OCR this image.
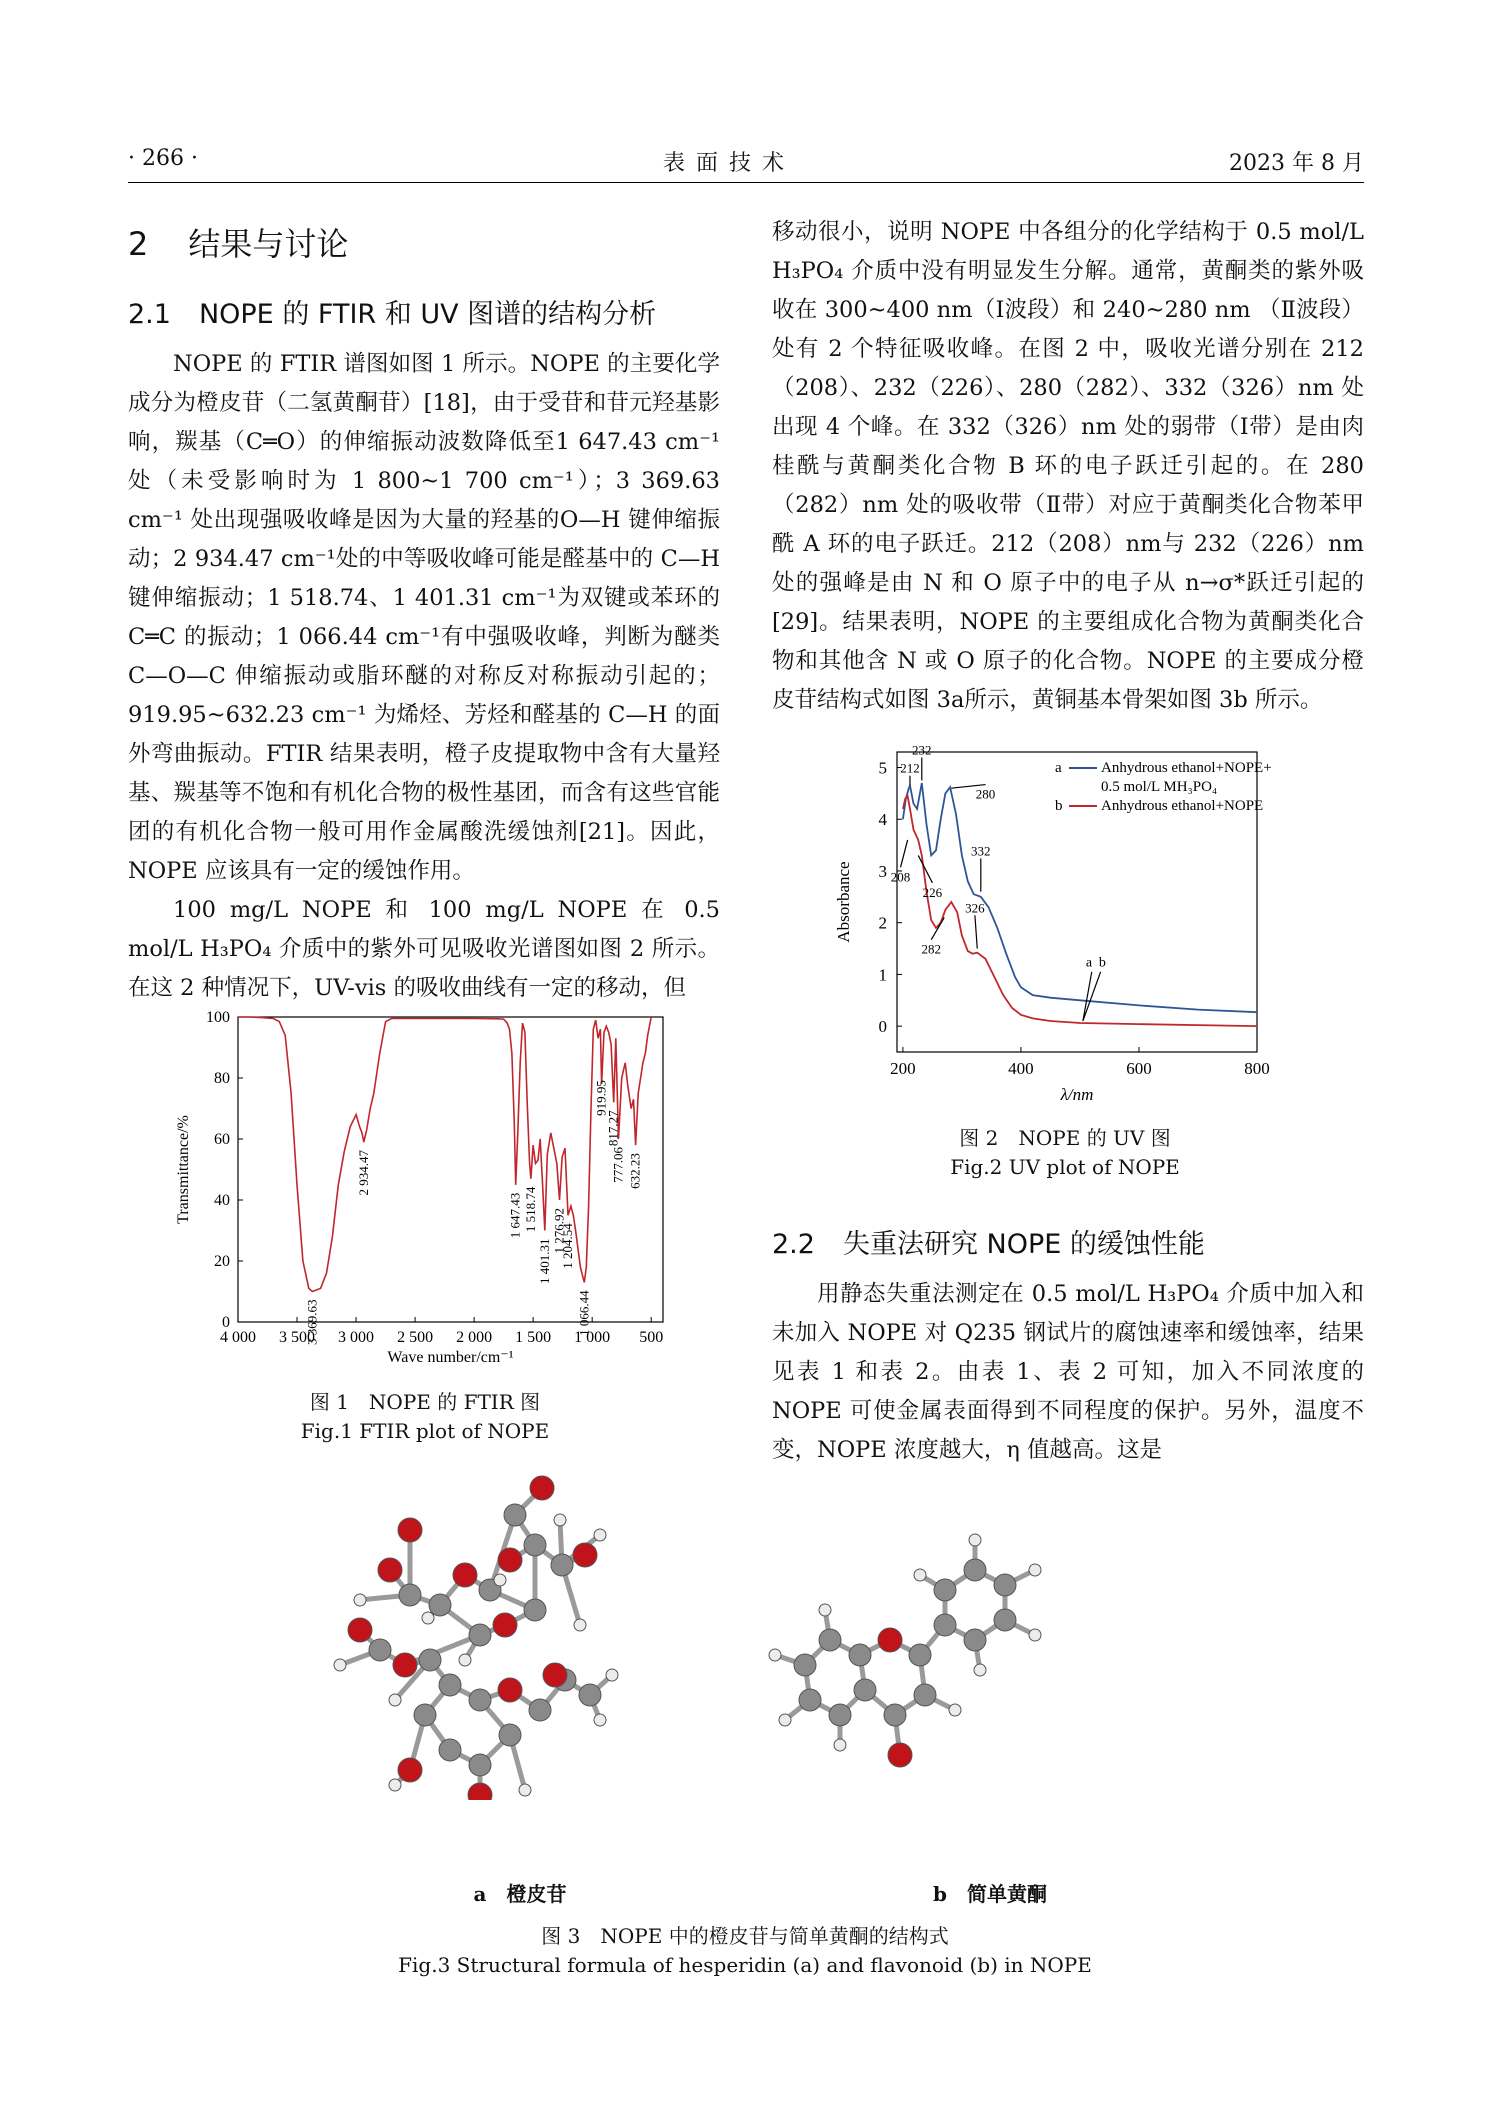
· 266 ·	表 面 技 术	2023 年 8 月
2 结果与讨论
2.1 NOPE 的 FTIR 和 UV 图谱的结构分析

NOPE 的 FTIR 谱图如图 1 所示。NOPE 的主要化学成分为橙皮苷（二氢黄酮苷）[18]，由于受苷和苷元羟基影响，羰基（C═O）的伸缩振动波数降低至1 647.43 cm⁻¹ 处（未受影响时为 1 800~1 700 cm⁻¹）；3 369.63 cm⁻¹ 处出现强吸收峰是因为大量的羟基的O—H 键伸缩振动；2 934.47 cm⁻¹处的中等吸收峰可能是醛基中的 C—H 键伸缩振动；1 518.74、1 401.31 cm⁻¹为双键或苯环的 C═C 的振动；1 066.44 cm⁻¹有中强吸收峰，判断为醚类 C—O—C 伸缩振动或脂环醚的对称反对称振动引起的；919.95~632.23 cm⁻¹ 为烯烃、芳烃和醛基的 C—H 的面外弯曲振动。FTIR 结果表明，橙子皮提取物中含有大量羟基、羰基等不饱和有机化合物的极性基团，而含有这些官能团的有机化合物一般可用作金属酸洗缓蚀剂[21]。因此，NOPE 应该具有一定的缓蚀作用。

100 mg/L NOPE 和 100 mg/L NOPE 在 0.5 mol/L H₃PO₄ 介质中的紫外可见吸收光谱图如图 2 所示。在这 2 种情况下，UV-vis 的吸收曲线有一定的移动，但

移动很小，说明 NOPE 中各组分的化学结构于 0.5 mol/L H₃PO₄ 介质中没有明显发生分解。通常，黄酮类的紫外吸收在 300~400 nm（Ⅰ波段）和 240~280 nm （Ⅱ波段）处有 2 个特征吸收峰。在图 2 中，吸收光谱分别在 212（208）、232（226）、280（282）、332（326）nm 处出现 4 个峰。在 332（326）nm 处的弱带（Ⅰ带）是由肉桂酰与黄酮类化合物 B 环的电子跃迁引起的。在 280（282）nm 处的吸收带（Ⅱ带）对应于黄酮类化合物苯甲酰 A 环的电子跃迁。212（208）nm与 232（226）nm 处的强峰是由 N 和 O 原子中的电子从 n→σ*跃迁引起的[29]。结果表明，NOPE 的主要组成化合物为黄酮类化合物和其他含 N 或 O 原子的化合物。NOPE 的主要成分橙皮苷结构式如图 3a所示，黄铜基本骨架如图 3b 所示。

4 000 3 500 3 000 2 500 2 000 1 500 1 000 500
0
20
40
60
80
100
Wave number/cm⁻¹
Transmittance/%
3 369.63
2 934.47
1 647.43 1 518.74
1 401.31
1 276.92
1 204.54
1 066.44
919.95
817.27
777.06 632.23
图 1　NOPE 的 FTIR 图
Fig.1 FTIR plot of NOPE
200	400	600	800
0
1
2
3
4
5
λ/nm
Absorbance
a	Anhydrous ethanol+NOPE+
0.5 mol/L MH₃PO₄
b	Anhydrous ethanol+NOPE
212
232
280
332
208
226
282
326
a b
图 2　NOPE 的 UV 图
Fig.2 UV plot of NOPE
2.2 失重法研究 NOPE 的缓蚀性能

用静态失重法测定在 0.5 mol/L H₃PO₄ 介质中加入和未加入 NOPE 对 Q235 钢试片的腐蚀速率和缓蚀率，结果见表 1 和表 2。由表 1、表 2 可知，加入不同浓度的 NOPE 可使金属表面得到不同程度的保护。另外，温度不变，NOPE 浓度越大，η 值越高。这是

a　橙皮苷	b　简单黄酮
图 3　NOPE 中的橙皮苷与简单黄酮的结构式
Fig.3 Structural formula of hesperidin (a) and flavonoid (b) in NOPE
